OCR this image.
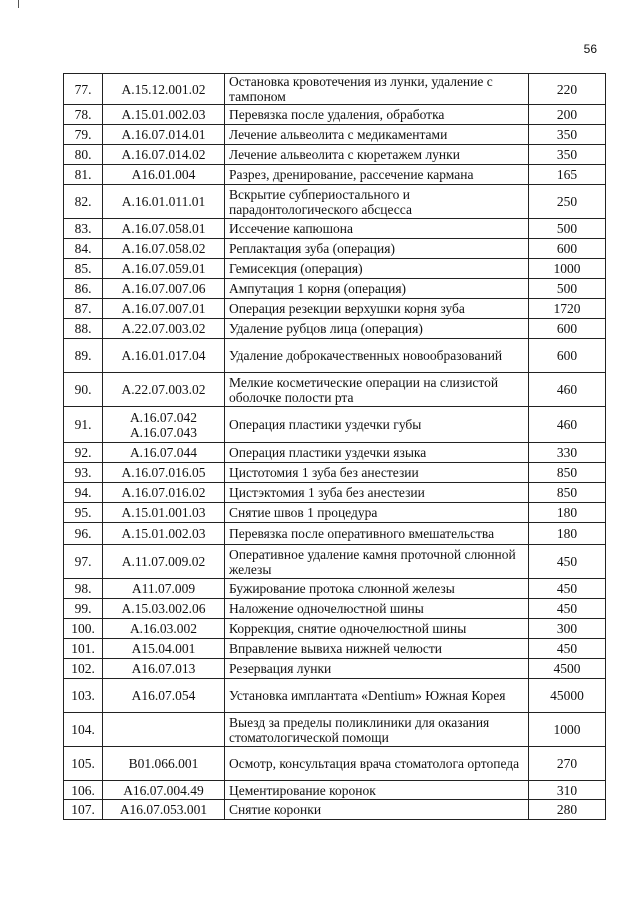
56
77.	А.15.12.001.02	Остановка кровотечения из лунки, удаление с тампоном	220
78.	А.15.01.002.03	Перевязка после удаления, обработка	200
79.	А.16.07.014.01	Лечение альвеолита с медикаментами	350
80.	А.16.07.014.02	Лечение альвеолита с кюретажем лунки	350
81.	А16.01.004	Разрез, дренирование, рассечение кармана	165
82.	А.16.01.011.01	Вскрытие субпериостального и парадонтологического абсцесса	250
83.	А.16.07.058.01	Иссечение капюшона	500
84.	А.16.07.058.02	Реплактация зуба (операция)	600
85.	А.16.07.059.01	Гемисекция (операция)	1000
86.	А.16.07.007.06	Ампутация 1 корня (операция)	500
87.	А.16.07.007.01	Операция резекции верхушки корня зуба	1720
88.	А.22.07.003.02	Удаление рубцов лица (операция)	600
89.	А.16.01.017.04	Удаление доброкачественных новообразований	600
90.	А.22.07.003.02	Мелкие косметические операции на слизистой оболочке полости рта	460
91.	А.16.07.042
А.16.07.043	Операция пластики уздечки губы	460
92.	А.16.07.044	Операция пластики уздечки языка	330
93.	А.16.07.016.05	Цистотомия 1 зуба без анестезии	850
94.	А.16.07.016.02	Цистэктомия 1 зуба без анестезии	850
95.	А.15.01.001.03	Снятие швов 1 процедура	180
96.	А.15.01.002.03	Перевязка после оперативного вмешательства	180
97.	А.11.07.009.02	Оперативное удаление камня проточной слюнной железы	450
98.	А11.07.009	Бужирование протока слюнной железы	450
99.	А.15.03.002.06	Наложение одночелюстной шины	450
100.	А.16.03.002	Коррекция, снятие одночелюстной шины	300
101.	А15.04.001	Вправление вывиха нижней челюсти	450
102.	А16.07.013	Резервация лунки	4500
103.	А16.07.054	Установка имплантата «Dentium» Южная Корея	45000
104.		Выезд за пределы поликлиники для оказания стоматологической помощи	1000
105.	В01.066.001	Осмотр, консультация врача стоматолога ортопеда	270
106.	А16.07.004.49	Цементирование коронок	310
107.	А16.07.053.001	Снятие коронки	280
